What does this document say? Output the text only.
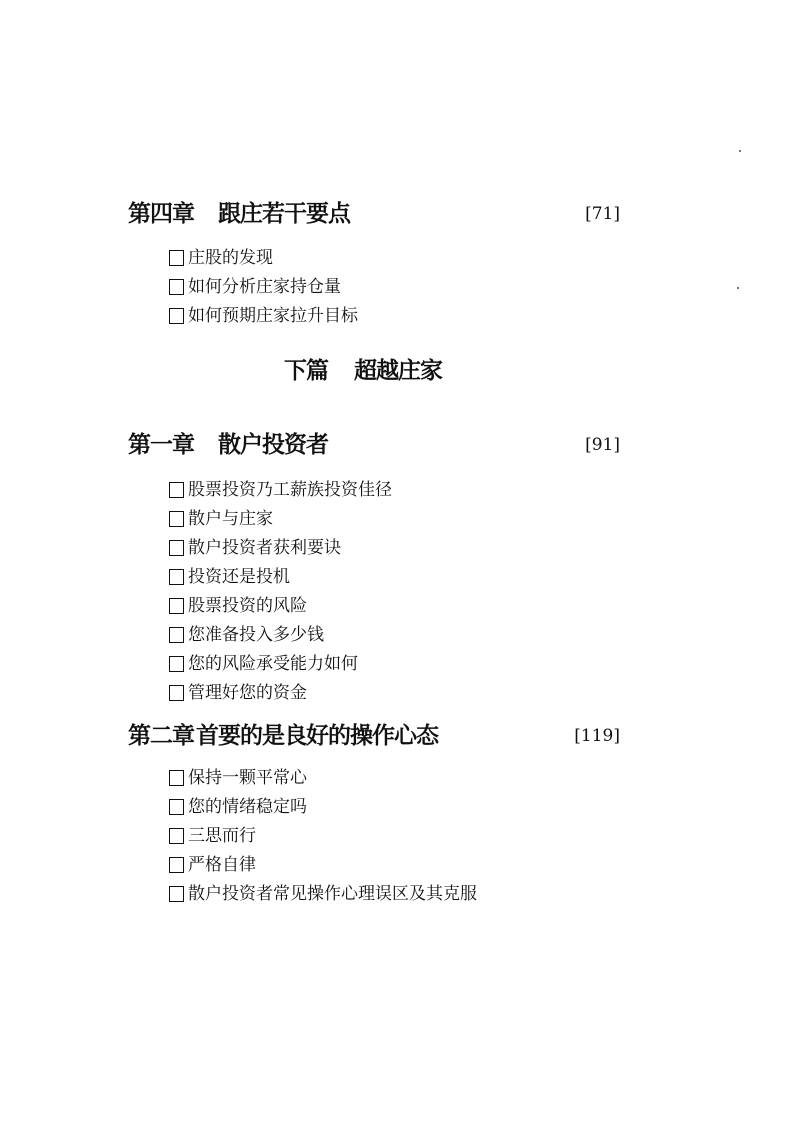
第四章 跟庄若干要点	[71]
庄股的发现
如何分析庄家持仓量
如何预期庄家拉升目标
下篇 超越庄家
第一章 散户投资者	[91]
股票投资乃工薪族投资佳径
散户与庄家
散户投资者获利要诀
投资还是投机
股票投资的风险
您准备投入多少钱
您的风险承受能力如何
管理好您的资金
第二章 首要的是良好的操作心态	[119]
保持一颗平常心
您的情绪稳定吗
三思而行
严格自律
散户投资者常见操作心理误区及其克服
